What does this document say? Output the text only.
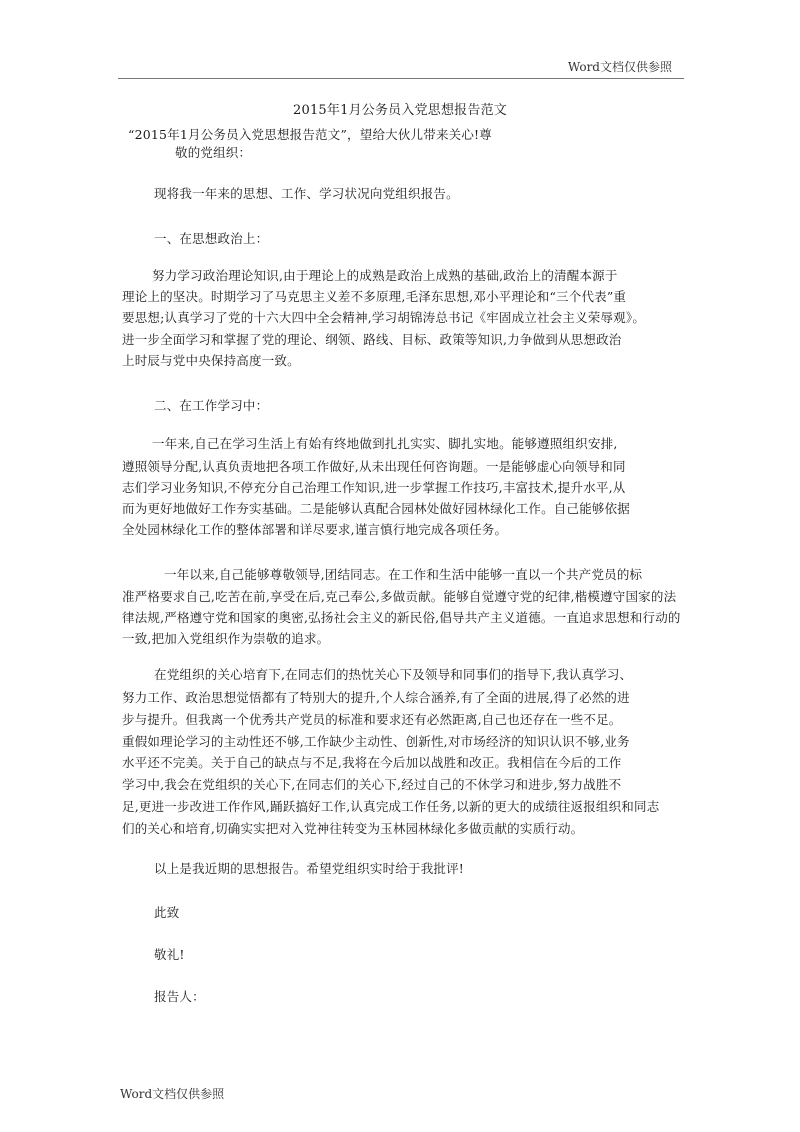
Word文档仅供参照
2015年1月公务员入党思想报告范文
“2015年1月公务员入党思想报告范文”，望给大伙儿带来关心!尊
敬的党组织：
现将我一年来的思想、工作、学习状况向党组织报告。
一、在思想政治上：
努力学习政治理论知识,由于理论上的成熟是政治上成熟的基础,政治上的清醒本源于
理论上的坚决。时期学习了马克思主义差不多原理,毛泽东思想,邓小平理论和“三个代表”重
要思想;认真学习了党的十六大四中全会精神,学习胡锦涛总书记《牢固成立社会主义荣辱观》。
进一步全面学习和掌握了党的理论、纲领、路线、目标、政策等知识,力争做到从思想政治
上时辰与党中央保持高度一致。
二、在工作学习中：
一年来,自己在学习生活上有始有终地做到扎扎实实、脚扎实地。能够遵照组织安排,
遵照领导分配,认真负责地把各项工作做好,从未出现任何咨询题。一是能够虚心向领导和同
志们学习业务知识,不停充分自己治理工作知识,进一步掌握工作技巧,丰富技术,提升水平,从
而为更好地做好工作夯实基础。二是能够认真配合园林处做好园林绿化工作。自己能够依据
全处园林绿化工作的整体部署和详尽要求,谨言慎行地完成各项任务。
一年以来,自己能够尊敬领导,团结同志。在工作和生活中能够一直以一个共产党员的标
准严格要求自己,吃苦在前,享受在后,克己奉公,多做贡献。能够自觉遵守党的纪律,楷模遵守国家的法
律法规,严格遵守党和国家的奥密,弘扬社会主义的新民俗,倡导共产主义道德。一直追求思想和行动的
一致,把加入党组织作为崇敬的追求。
在党组织的关心培育下,在同志们的热忱关心下及领导和同事们的指导下,我认真学习、
努力工作、政治思想觉悟都有了特别大的提升,个人综合涵养,有了全面的进展,得了必然的进
步与提升。但我离一个优秀共产党员的标准和要求还有必然距离,自己也还存在一些不足。
重假如理论学习的主动性还不够,工作缺少主动性、创新性,对市场经济的知识认识不够,业务
水平还不完美。关于自己的缺点与不足,我将在今后加以战胜和改正。我相信在今后的工作
学习中,我会在党组织的关心下,在同志们的关心下,经过自己的不休学习和进步,努力战胜不
足,更进一步改进工作作风,踊跃搞好工作,认真完成工作任务,以新的更大的成绩往返报组织和同志
们的关心和培育,切确实实把对入党神往转变为玉林园林绿化多做贡献的实质行动。
以上是我近期的思想报告。希望党组织实时给于我批评!
此致
敬礼!
报告人：
Word文档仅供参照
